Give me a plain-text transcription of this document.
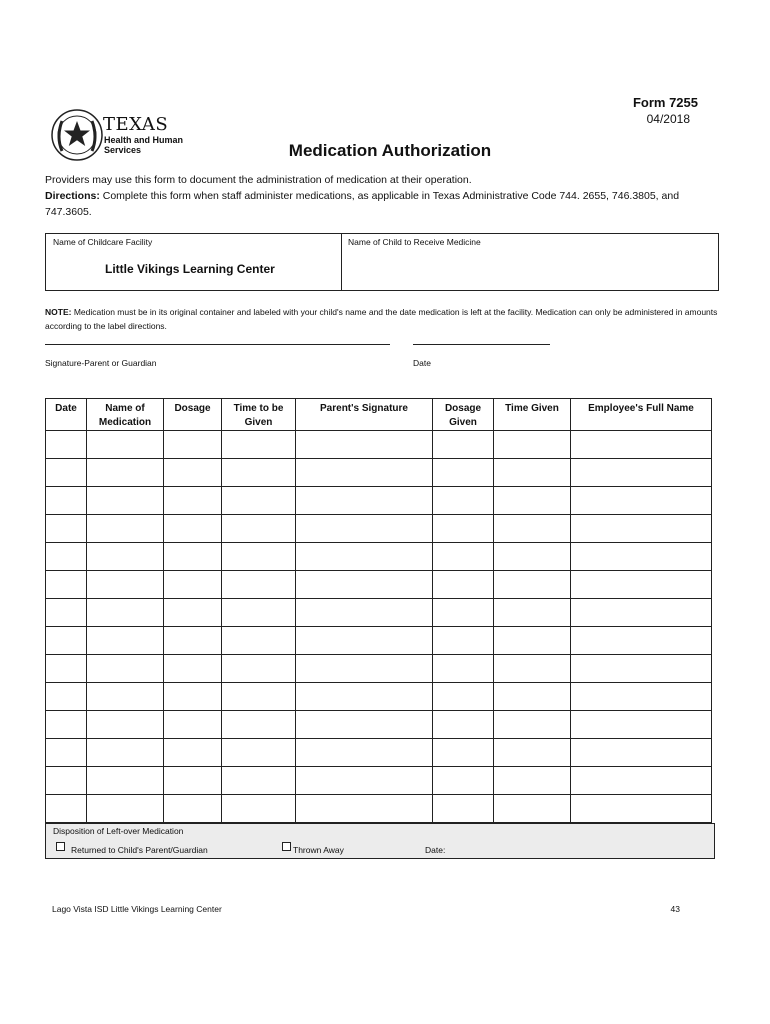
Form 7255
04/2018
TEXAS
Health and Human
Services	Medication Authorization
Providers may use this form to document the administration of medication at their operation.
Directions: Complete this form when staff administer medications, as applicable in Texas Administrative Code 744. 2655, 746.3805, and 747.3605.
Name of Childcare Facility
Little Vikings Learning Center
Name of Child to Receive Medicine
NOTE: Medication must be in its original container and labeled with your child's name and the date medication is left at the facility. Medication can only be administered in amounts according to the label directions.
Signature-Parent or Guardian	Date
Date	Name of Medication	Dosage	Time to be Given	Parent's Signature	Dosage Given	Time Given	Employee's Full Name

Disposition of Left-over Medication
Returned to Child's Parent/Guardian	Thrown Away	Date:
Lago Vista ISD Little Vikings Learning Center	43
